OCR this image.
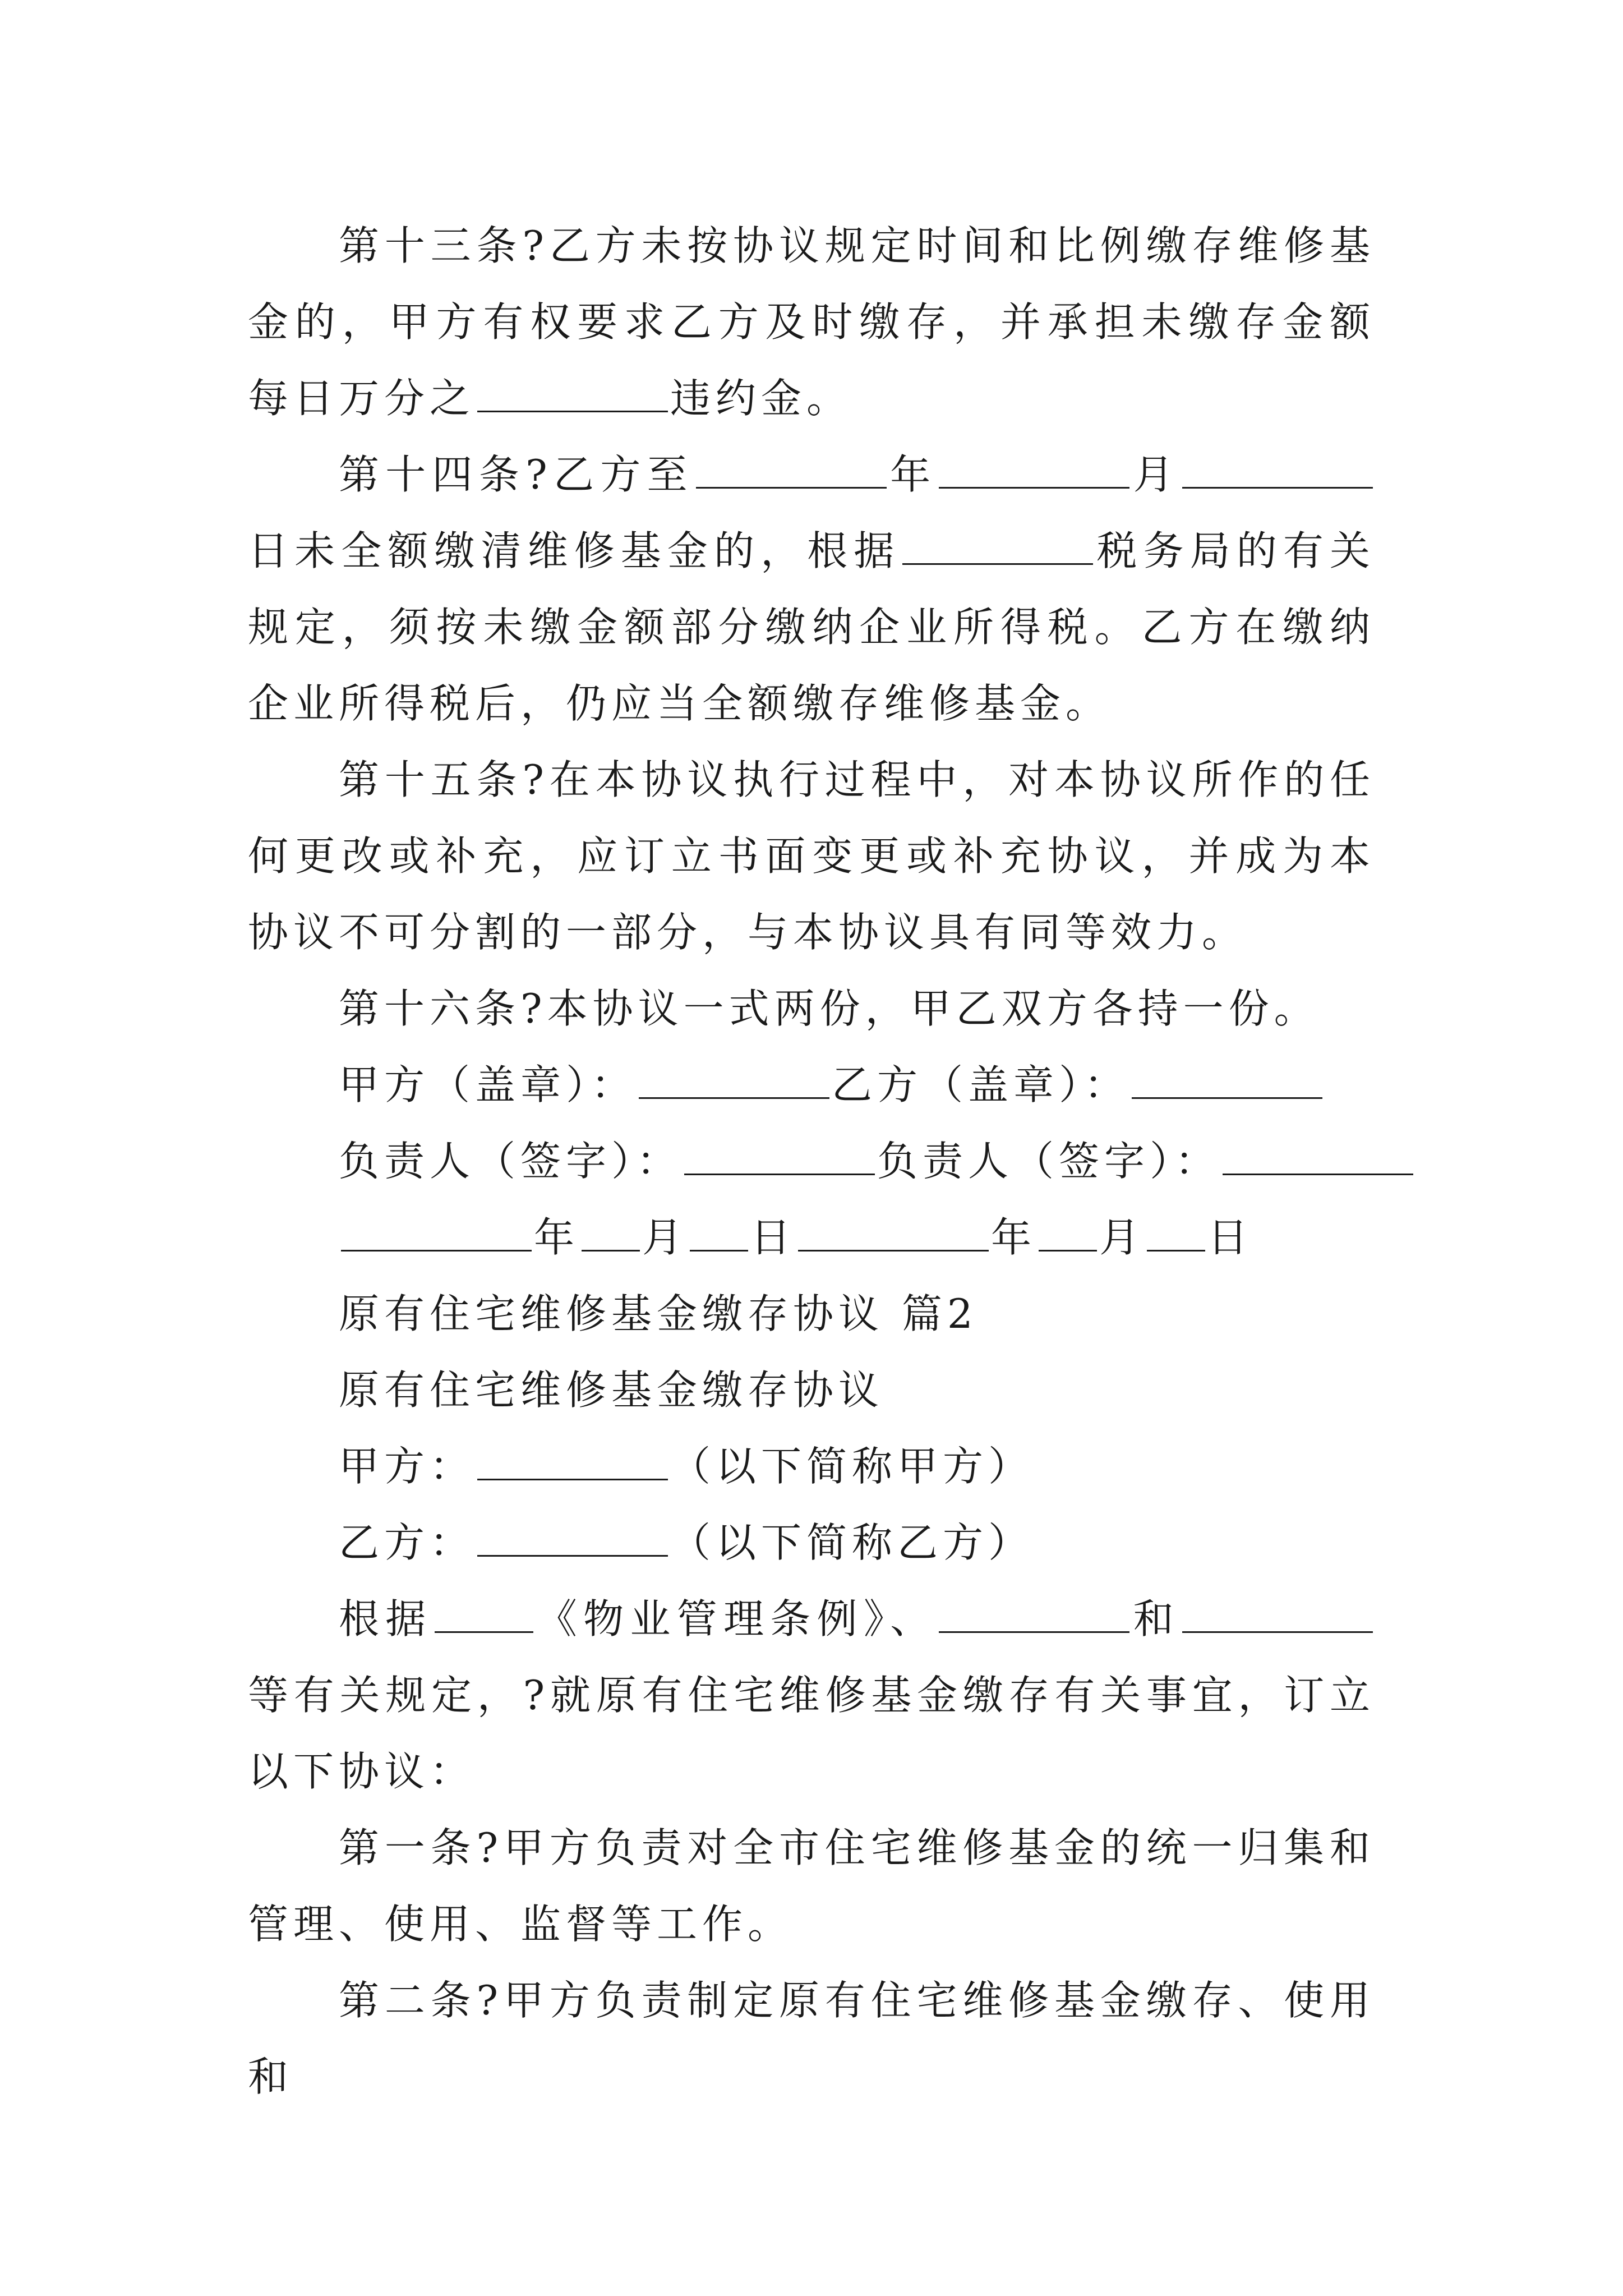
第十三条?乙方未按协议规定时间和比例缴存维修基金的，甲方有权要求乙方及时缴存，并承担未缴存金额每日万分之	违约金。

第十四条?乙方至	年	月日未全额缴清维修基金的，根据	税务局的有关规定，须按未缴金额部分缴纳企业所得税。乙方在缴纳企业所得税后，仍应当全额缴存维修基金。

第十五条?在本协议执行过程中，对本协议所作的任何更改或补充，应订立书面变更或补充协议，并成为本协议不可分割的一部分，与本协议具有同等效力。

第十六条?本协议一式两份，甲乙双方各持一份。

甲方（盖章）：	乙方（盖章）：

负责人（签字）：	负责人（签字）：

年 月 日	年 月 日

原有住宅维修基金缴存协议 篇2

原有住宅维修基金缴存协议

甲方：	（以下简称甲方）

乙方：	（以下简称乙方）

根据	《物业管理条例》、	和等有关规定，?就原有住宅维修基金缴存有关事宜，订立以下协议：

第一条?甲方负责对全市住宅维修基金的统一归集和管理、使用、监督等工作。

第二条?甲方负责制定原有住宅维修基金缴存、使用和
